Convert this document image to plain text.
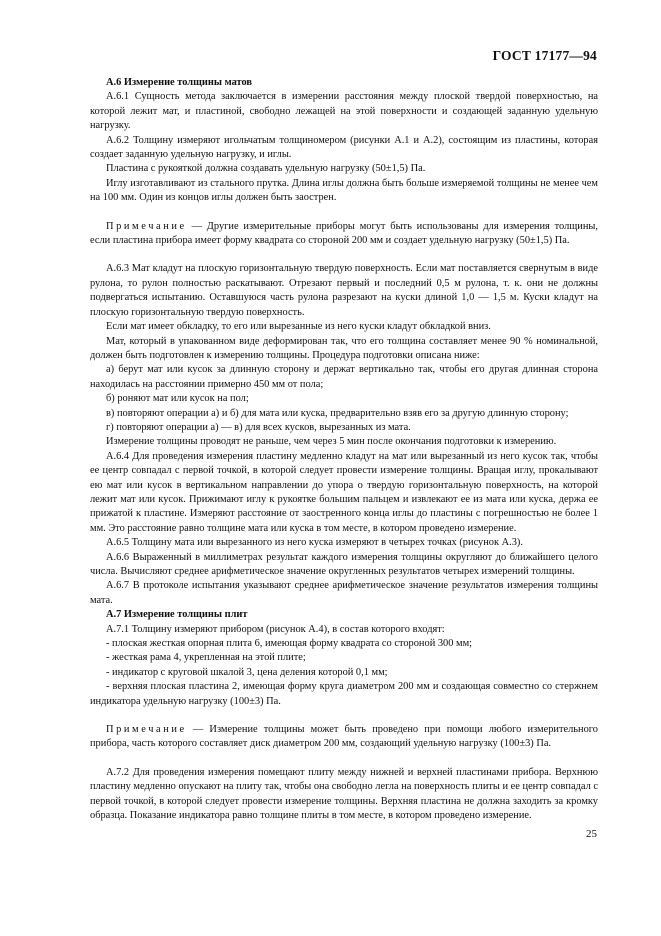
ГОСТ 17177—94
А.6 Измерение толщины матов

А.6.1 Сущность метода заключается в измерении расстояния между плоской твердой поверхностью, на которой лежит мат, и пластиной, свободно лежащей на этой поверхности и создающей заданную удельную нагрузку.

А.6.2 Толщину измеряют игольчатым толщиномером (рисунки А.1 и А.2), состоящим из пластины, которая создает заданную удельную нагрузку, и иглы.

Пластина с рукояткой должна создавать удельную нагрузку (50±1,5) Па.

Иглу изготавливают из стального прутка. Длина иглы должна быть больше измеряемой толщины не менее чем на 100 мм. Один из концов иглы должен быть заострен.

Примечание — Другие измерительные приборы могут быть использованы для измерения толщины, если пластина прибора имеет форму квадрата со стороной 200 мм и создает удельную нагрузку (50±1,5) Па.

А.6.3 Мат кладут на плоскую горизонтальную твердую поверхность. Если мат поставляется свернутым в виде рулона, то рулон полностью раскатывают. Отрезают первый и последний 0,5 м рулона, т. к. они не должны подвергаться испытанию. Оставшуюся часть рулона разрезают на куски длиной 1,0 — 1,5 м. Куски кладут на плоскую горизонтальную твердую поверхность.

Если мат имеет обкладку, то его или вырезанные из него куски кладут обкладкой вниз.

Мат, который в упакованном виде деформирован так, что его толщина составляет менее 90 % номинальной, должен быть подготовлен к измерению толщины. Процедура подготовки описана ниже:

а) берут мат или кусок за длинную сторону и держат вертикально так, чтобы его другая длинная сторона находилась на расстоянии примерно 450 мм от пола;

б) роняют мат или кусок на пол;

в) повторяют операции а) и б) для мата или куска, предварительно взяв его за другую длинную сторону;

г) повторяют операции а) — в) для всех кусков, вырезанных из мата.

Измерение толщины проводят не раньше, чем через 5 мин после окончания подготовки к измерению.

А.6.4 Для проведения измерения пластину медленно кладут на мат или вырезанный из него кусок так, чтобы ее центр совпадал с первой точкой, в которой следует провести измерение толщины. Вращая иглу, прокалывают ею мат или кусок в вертикальном направлении до упора о твердую горизонтальную поверхность, на которой лежит мат или кусок. Прижимают иглу к рукоятке большим пальцем и извлекают ее из мата или куска, держа ее прижатой к пластине. Измеряют расстояние от заостренного конца иглы до пластины с погрешностью не более 1 мм. Это расстояние равно толщине мата или куска в том месте, в котором проведено измерение.

А.6.5 Толщину мата или вырезанного из него куска измеряют в четырех точках (рисунок А.3).

А.6.6 Выраженный в миллиметрах результат каждого измерения толщины округляют до ближайшего целого числа. Вычисляют среднее арифметическое значение округленных результатов четырех измерений толщины.

А.6.7 В протоколе испытания указывают среднее арифметическое значение результатов измерения толщины мата.

А.7 Измерение толщины плит

А.7.1 Толщину измеряют прибором (рисунок А.4), в состав которого входят:

- плоская жесткая опорная плита 6, имеющая форму квадрата со стороной 300 мм;

- жесткая рама 4, укрепленная на этой плите;

- индикатор с круговой шкалой 3, цена деления которой 0,1 мм;

- верхняя плоская пластина 2, имеющая форму круга диаметром 200 мм и создающая совместно со стержнем индикатора удельную нагрузку (100±3) Па.

Примечание — Измерение толщины может быть проведено при помощи любого измерительного прибора, часть которого составляет диск диаметром 200 мм, создающий удельную нагрузку (100±3) Па.

А.7.2 Для проведения измерения помещают плиту между нижней и верхней пластинами прибора. Верхнюю пластину медленно опускают на плиту так, чтобы она свободно легла на поверхность плиты и ее центр совпадал с первой точкой, в которой следует провести измерение толщины. Верхняя пластина не должна заходить за кромку образца. Показание индикатора равно толщине плиты в том месте, в котором проведено измерение.

25
